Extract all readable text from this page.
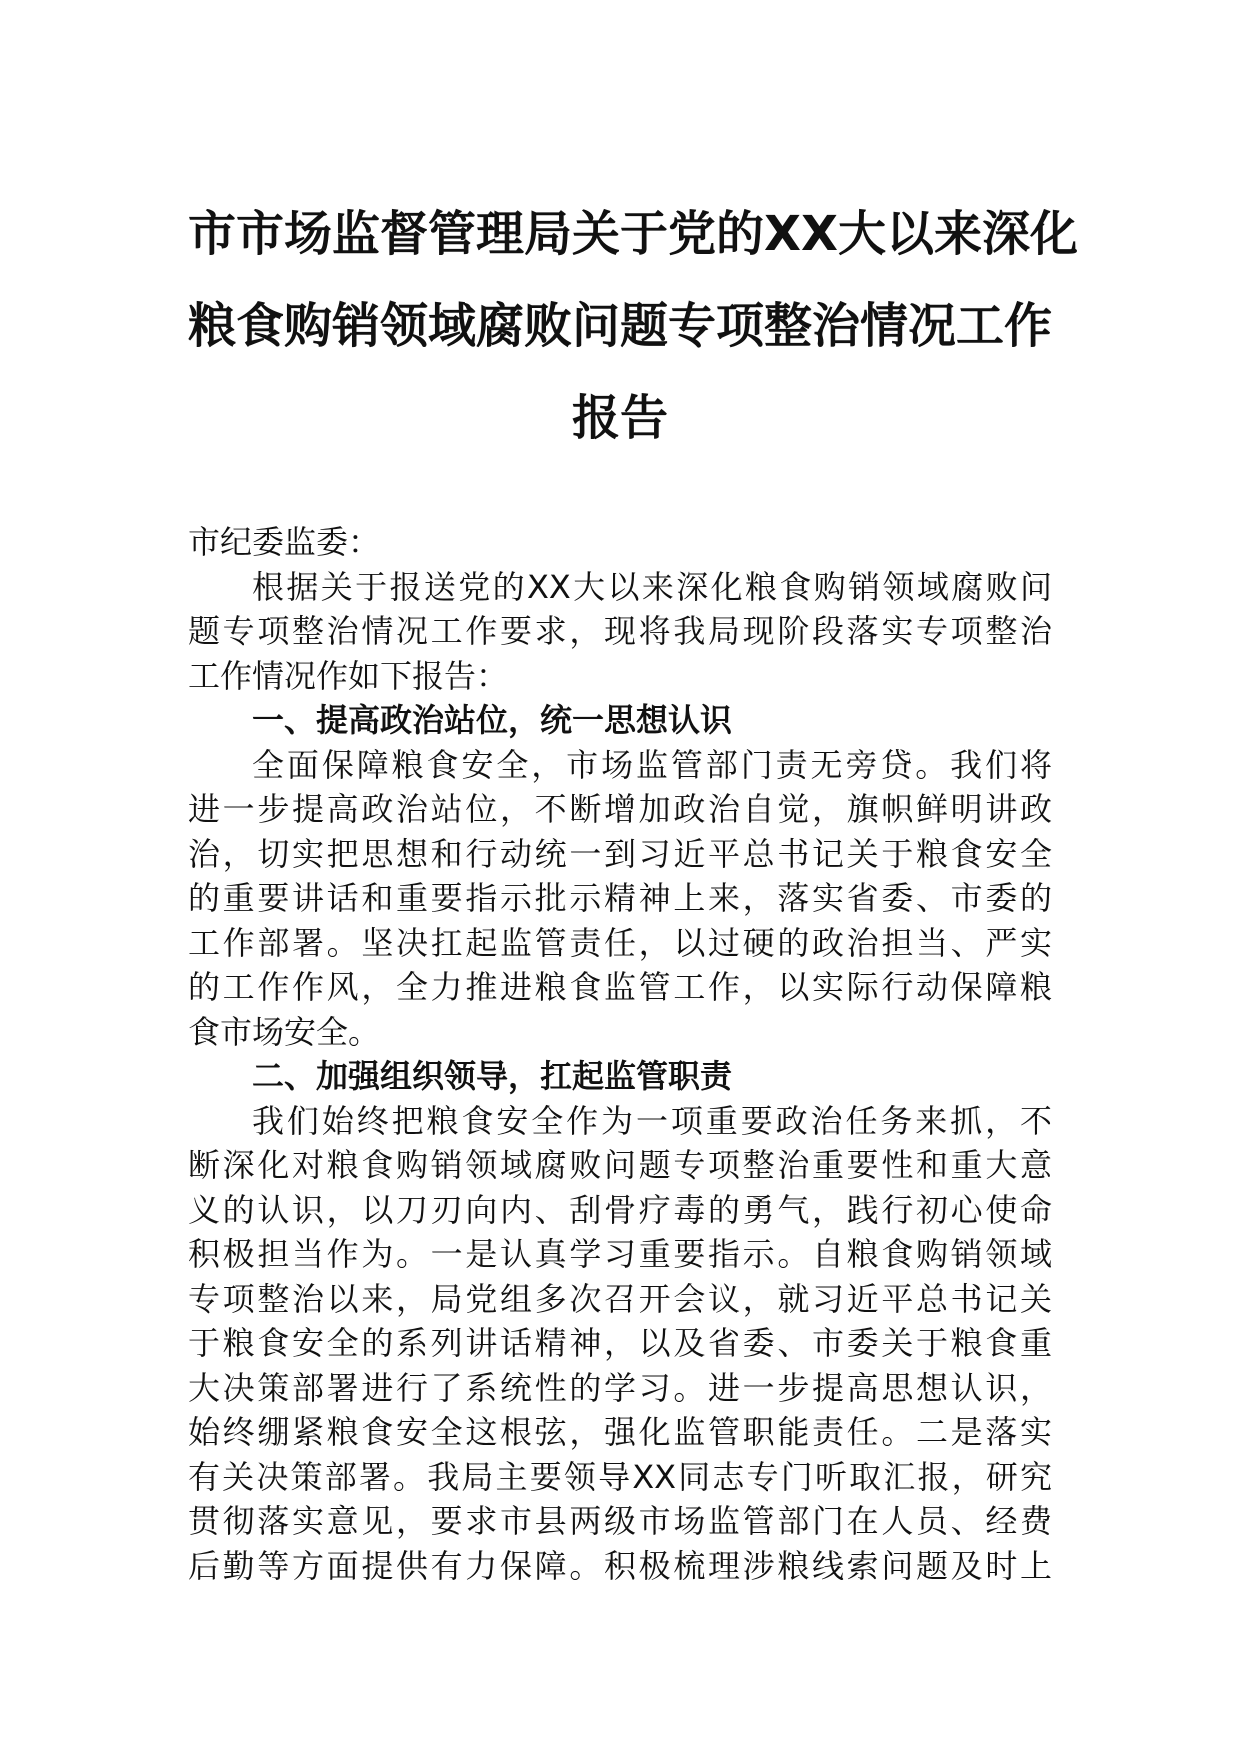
市市场监督管理局关于党的XX大以来深化
粮食购销领域腐败问题专项整治情况工作
报告
市纪委监委：
根据关于报送党的XX大以来深化粮食购销领域腐败问
题专项整治情况工作要求，现将我局现阶段落实专项整治
工作情况作如下报告：
一、提高政治站位，统一思想认识
全面保障粮食安全，市场监管部门责无旁贷。我们将
进一步提高政治站位，不断增加政治自觉，旗帜鲜明讲政
治，切实把思想和行动统一到习近平总书记关于粮食安全
的重要讲话和重要指示批示精神上来，落实省委、市委的
工作部署。坚决扛起监管责任，以过硬的政治担当、严实
的工作作风，全力推进粮食监管工作，以实际行动保障粮
食市场安全。
二、加强组织领导，扛起监管职责
我们始终把粮食安全作为一项重要政治任务来抓，不
断深化对粮食购销领域腐败问题专项整治重要性和重大意
义的认识，以刀刃向内、刮骨疗毒的勇气，践行初心使命
积极担当作为。一是认真学习重要指示。自粮食购销领域
专项整治以来，局党组多次召开会议，就习近平总书记关
于粮食安全的系列讲话精神，以及省委、市委关于粮食重
大决策部署进行了系统性的学习。进一步提高思想认识，
始终绷紧粮食安全这根弦，强化监管职能责任。二是落实
有关决策部署。我局主要领导XX同志专门听取汇报，研究
贯彻落实意见，要求市县两级市场监管部门在人员、经费
后勤等方面提供有力保障。积极梳理涉粮线索问题及时上
